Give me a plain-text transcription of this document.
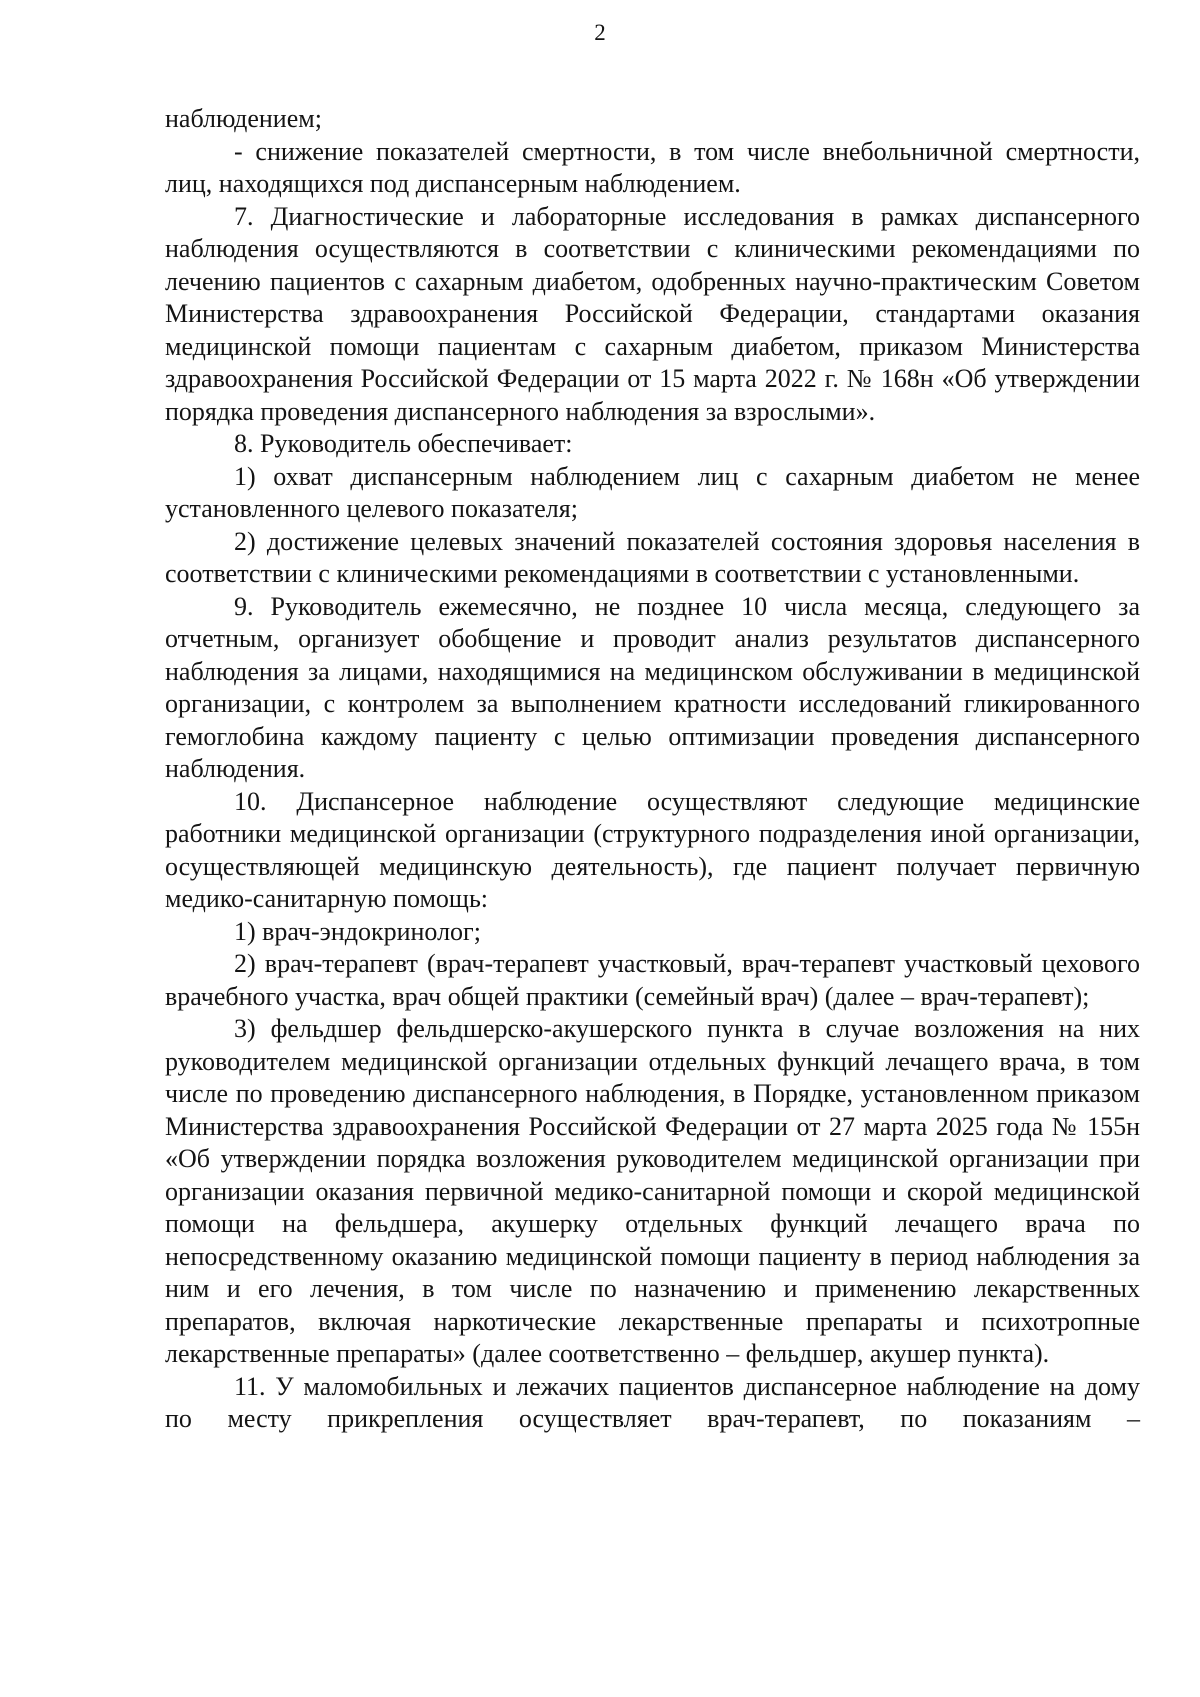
2

наблюдением;

- снижение показателей смертности, в том числе внебольничной смертности, лиц, находящихся под диспансерным наблюдением.

7. Диагностические и лабораторные исследования в рамках диспансерного наблюдения осуществляются в соответствии с клиническими рекомендациями по лечению пациентов с сахарным диабетом, одобренных научно-практическим Советом Министерства здравоохранения Российской Федерации, стандартами оказания медицинской помощи пациентам с сахарным диабетом, приказом Министерства здравоохранения Российской Федерации от 15 марта 2022 г. № 168н «Об утверждении порядка проведения диспансерного наблюдения за взрослыми».

8. Руководитель обеспечивает:

1) охват диспансерным наблюдением лиц с сахарным диабетом не менее установленного целевого показателя;

2) достижение целевых значений показателей состояния здоровья населения в соответствии с клиническими рекомендациями в соответствии с установленными.

9. Руководитель ежемесячно, не позднее 10 числа месяца, следующего за отчетным, организует обобщение и проводит анализ результатов диспансерного наблюдения за лицами, находящимися на медицинском обслуживании в медицинской организации, с контролем за выполнением кратности исследований гликированного гемоглобина каждому пациенту с целью оптимизации проведения диспансерного наблюдения.

10. Диспансерное наблюдение осуществляют следующие медицинские работники медицинской организации (структурного подразделения иной организации, осуществляющей медицинскую деятельность), где пациент получает первичную медико-санитарную помощь:

1) врач-эндокринолог;

2) врач-терапевт (врач-терапевт участковый, врач-терапевт участковый цехового врачебного участка, врач общей практики (семейный врач) (далее – врач-терапевт);

3) фельдшер фельдшерско-акушерского пункта в случае возложения на них руководителем медицинской организации отдельных функций лечащего врача, в том числе по проведению диспансерного наблюдения, в Порядке, установленном приказом Министерства здравоохранения Российской Федерации от 27 марта 2025 года № 155н «Об утверждении порядка возложения руководителем медицинской организации при организации оказания первичной медико-санитарной помощи и скорой медицинской помощи на фельдшера, акушерку отдельных функций лечащего врача по непосредственному оказанию медицинской помощи пациенту в период наблюдения за ним и его лечения, в том числе по назначению и применению лекарственных препаратов, включая наркотические лекарственные препараты и психотропные лекарственные препараты» (далее соответственно – фельдшер, акушер пункта).

11. У маломобильных и лежачих пациентов диспансерное наблюдение на дому по месту прикрепления осуществляет врач-терапевт, по показаниям –
